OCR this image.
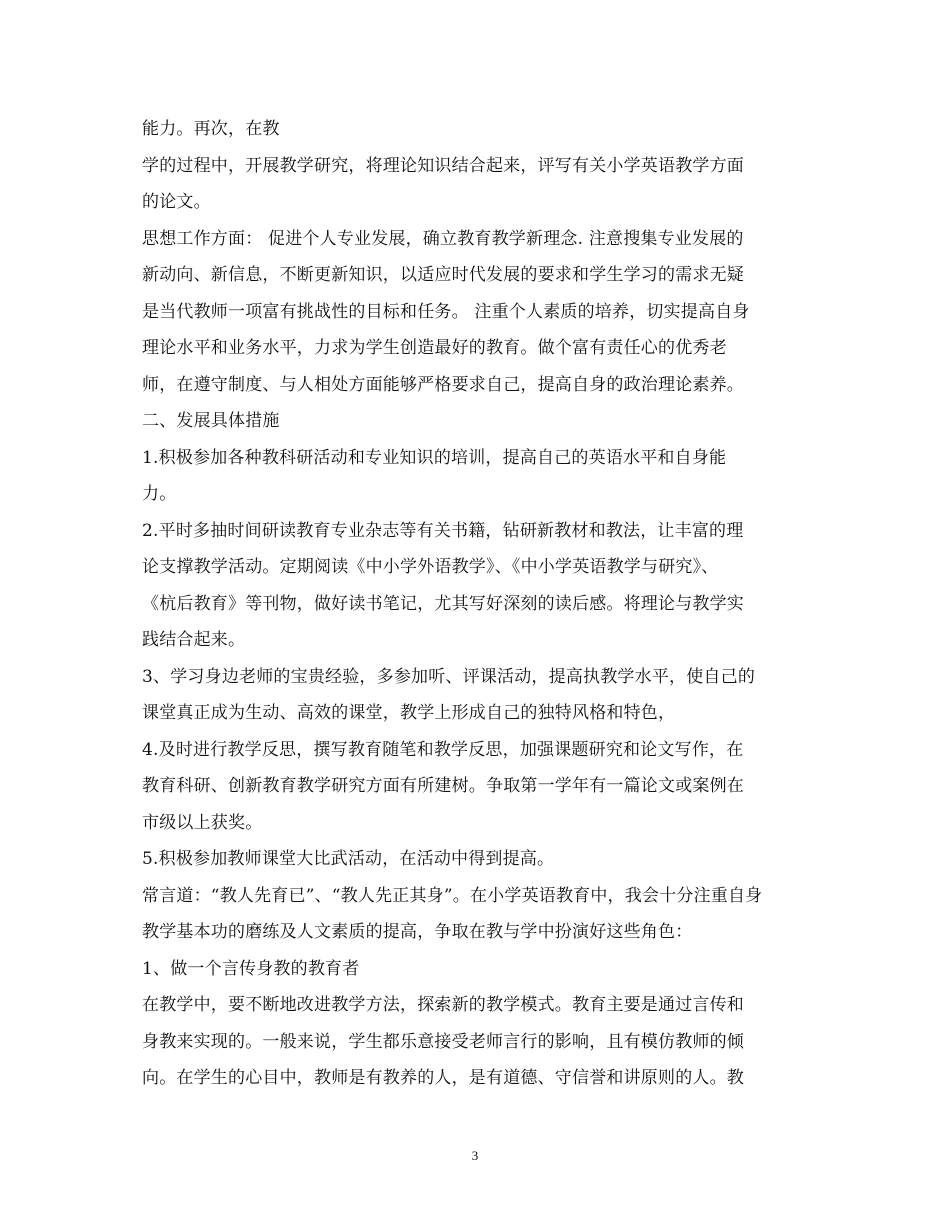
能力。再次，在教
学的过程中，开展教学研究，将理论知识结合起来，评写有关小学英语教学方面
的论文。
思想工作方面： 促进个人专业发展，确立教育教学新理念. 注意搜集专业发展的
新动向、新信息，不断更新知识，以适应时代发展的要求和学生学习的需求无疑
是当代教师一项富有挑战性的目标和任务。 注重个人素质的培养，切实提高自身
理论水平和业务水平，力求为学生创造最好的教育。做个富有责任心的优秀老
师，在遵守制度、与人相处方面能够严格要求自己，提高自身的政治理论素养。
二、发展具体措施
1.积极参加各种教科研活动和专业知识的培训，提高自己的英语水平和自身能
力。
2.平时多抽时间研读教育专业杂志等有关书籍，钻研新教材和教法，让丰富的理
论支撑教学活动。定期阅读《中小学外语教学》、《中小学英语教学与研究》、
《杭后教育》等刊物，做好读书笔记，尤其写好深刻的读后感。将理论与教学实
践结合起来。
3、学习身边老师的宝贵经验，多参加听、评课活动，提高执教学水平，使自己的
课堂真正成为生动、高效的课堂，教学上形成自己的独特风格和特色，
4.及时进行教学反思，撰写教育随笔和教学反思，加强课题研究和论文写作，在
教育科研、创新教育教学研究方面有所建树。争取第一学年有一篇论文或案例在
市级以上获奖。
5.积极参加教师课堂大比武活动，在活动中得到提高。
常言道：“教人先育已”、“教人先正其身”。在小学英语教育中，我会十分注重自身
教学基本功的磨练及人文素质的提高，争取在教与学中扮演好这些角色：
1、做一个言传身教的教育者
在教学中，要不断地改进教学方法，探索新的教学模式。教育主要是通过言传和
身教来实现的。一般来说，学生都乐意接受老师言行的影响，且有模仿教师的倾
向。在学生的心目中，教师是有教养的人，是有道德、守信誉和讲原则的人。教
3
